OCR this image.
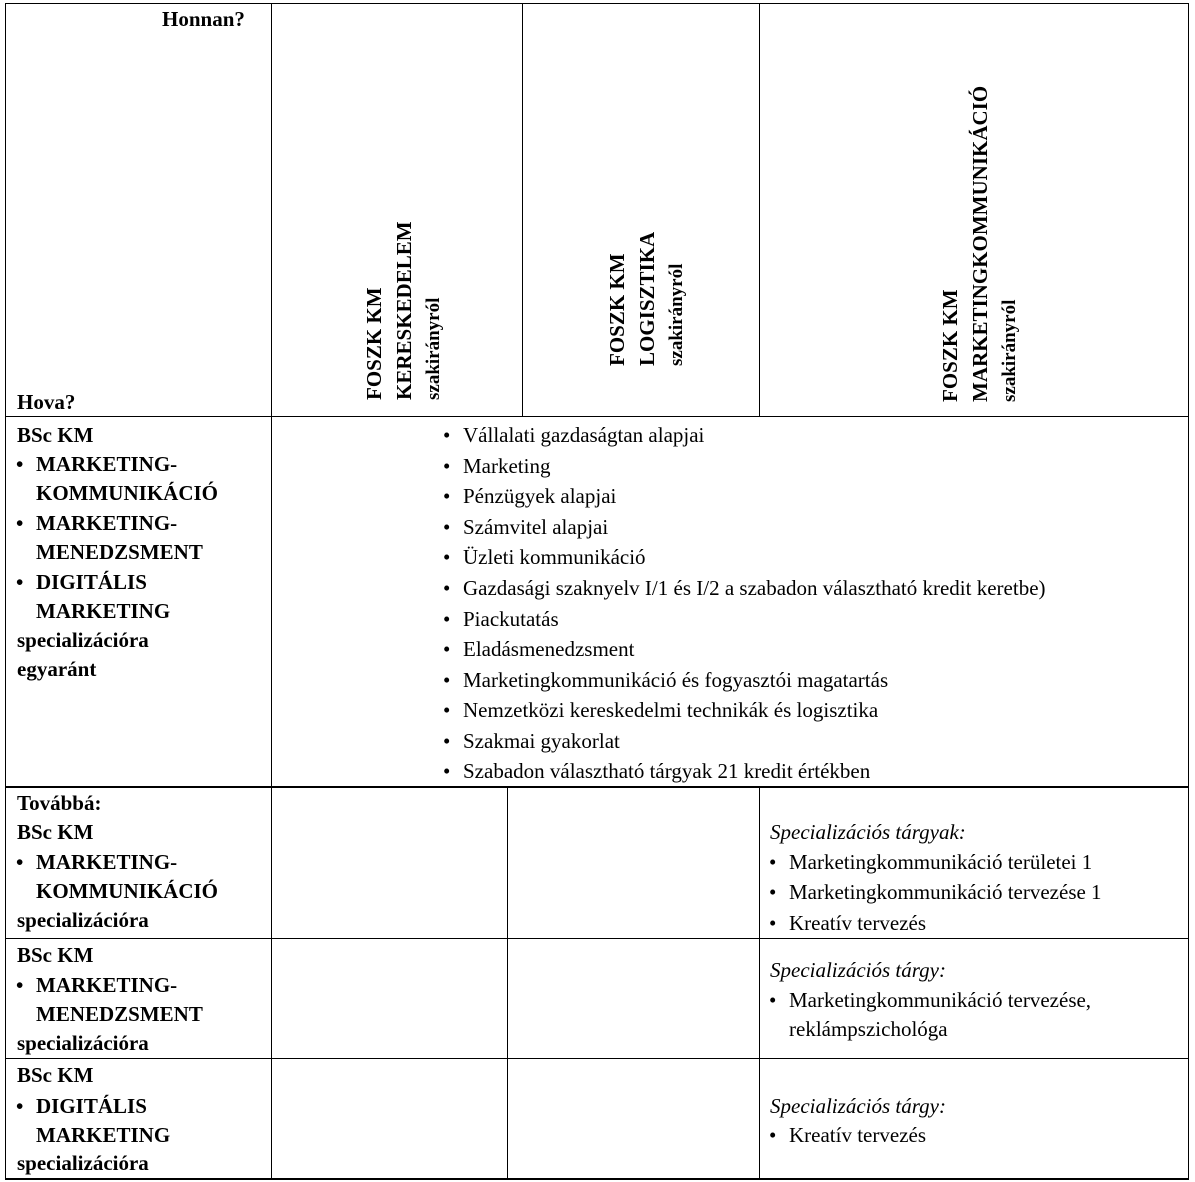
Honnan?
Hova?
FOSZK KM KERESKEDELEM szakirányról	FOSZK KM LOGISZTIKA szakirányról	FOSZK KM MARKETINGKOMMUNIKÁCIÓ szakirányról
BSc KM
• MARKETING-
KOMMUNIKÁCIÓ
• MARKETING-
MENEDZSMENT
• DIGITÁLIS
MARKETING
specializációra
egyaránt
• Vállalati gazdaságtan alapjai
• Marketing
• Pénzügyek alapjai
• Számvitel alapjai
• Üzleti kommunikáció
• Gazdasági szaknyelv I/1 és I/2 a szabadon választható kredit keretbe)
• Piackutatás
• Eladásmenedzsment
• Marketingkommunikáció és fogyasztói magatartás
• Nemzetközi kereskedelmi technikák és logisztika
• Szakmai gyakorlat
• Szabadon választható tárgyak 21 kredit értékben
Továbbá:
BSc KM
• MARKETING-
KOMMUNIKÁCIÓ
specializációra
Specializációs tárgyak:
• Marketingkommunikáció területei 1
• Marketingkommunikáció tervezése 1
• Kreatív tervezés
BSc KM
• MARKETING-
MENEDZSMENT
specializációra
Specializációs tárgy:
• Marketingkommunikáció tervezése,
reklámpszichológa
BSc KM
• DIGITÁLIS
MARKETING
specializációra
Specializációs tárgy:
• Kreatív tervezés
